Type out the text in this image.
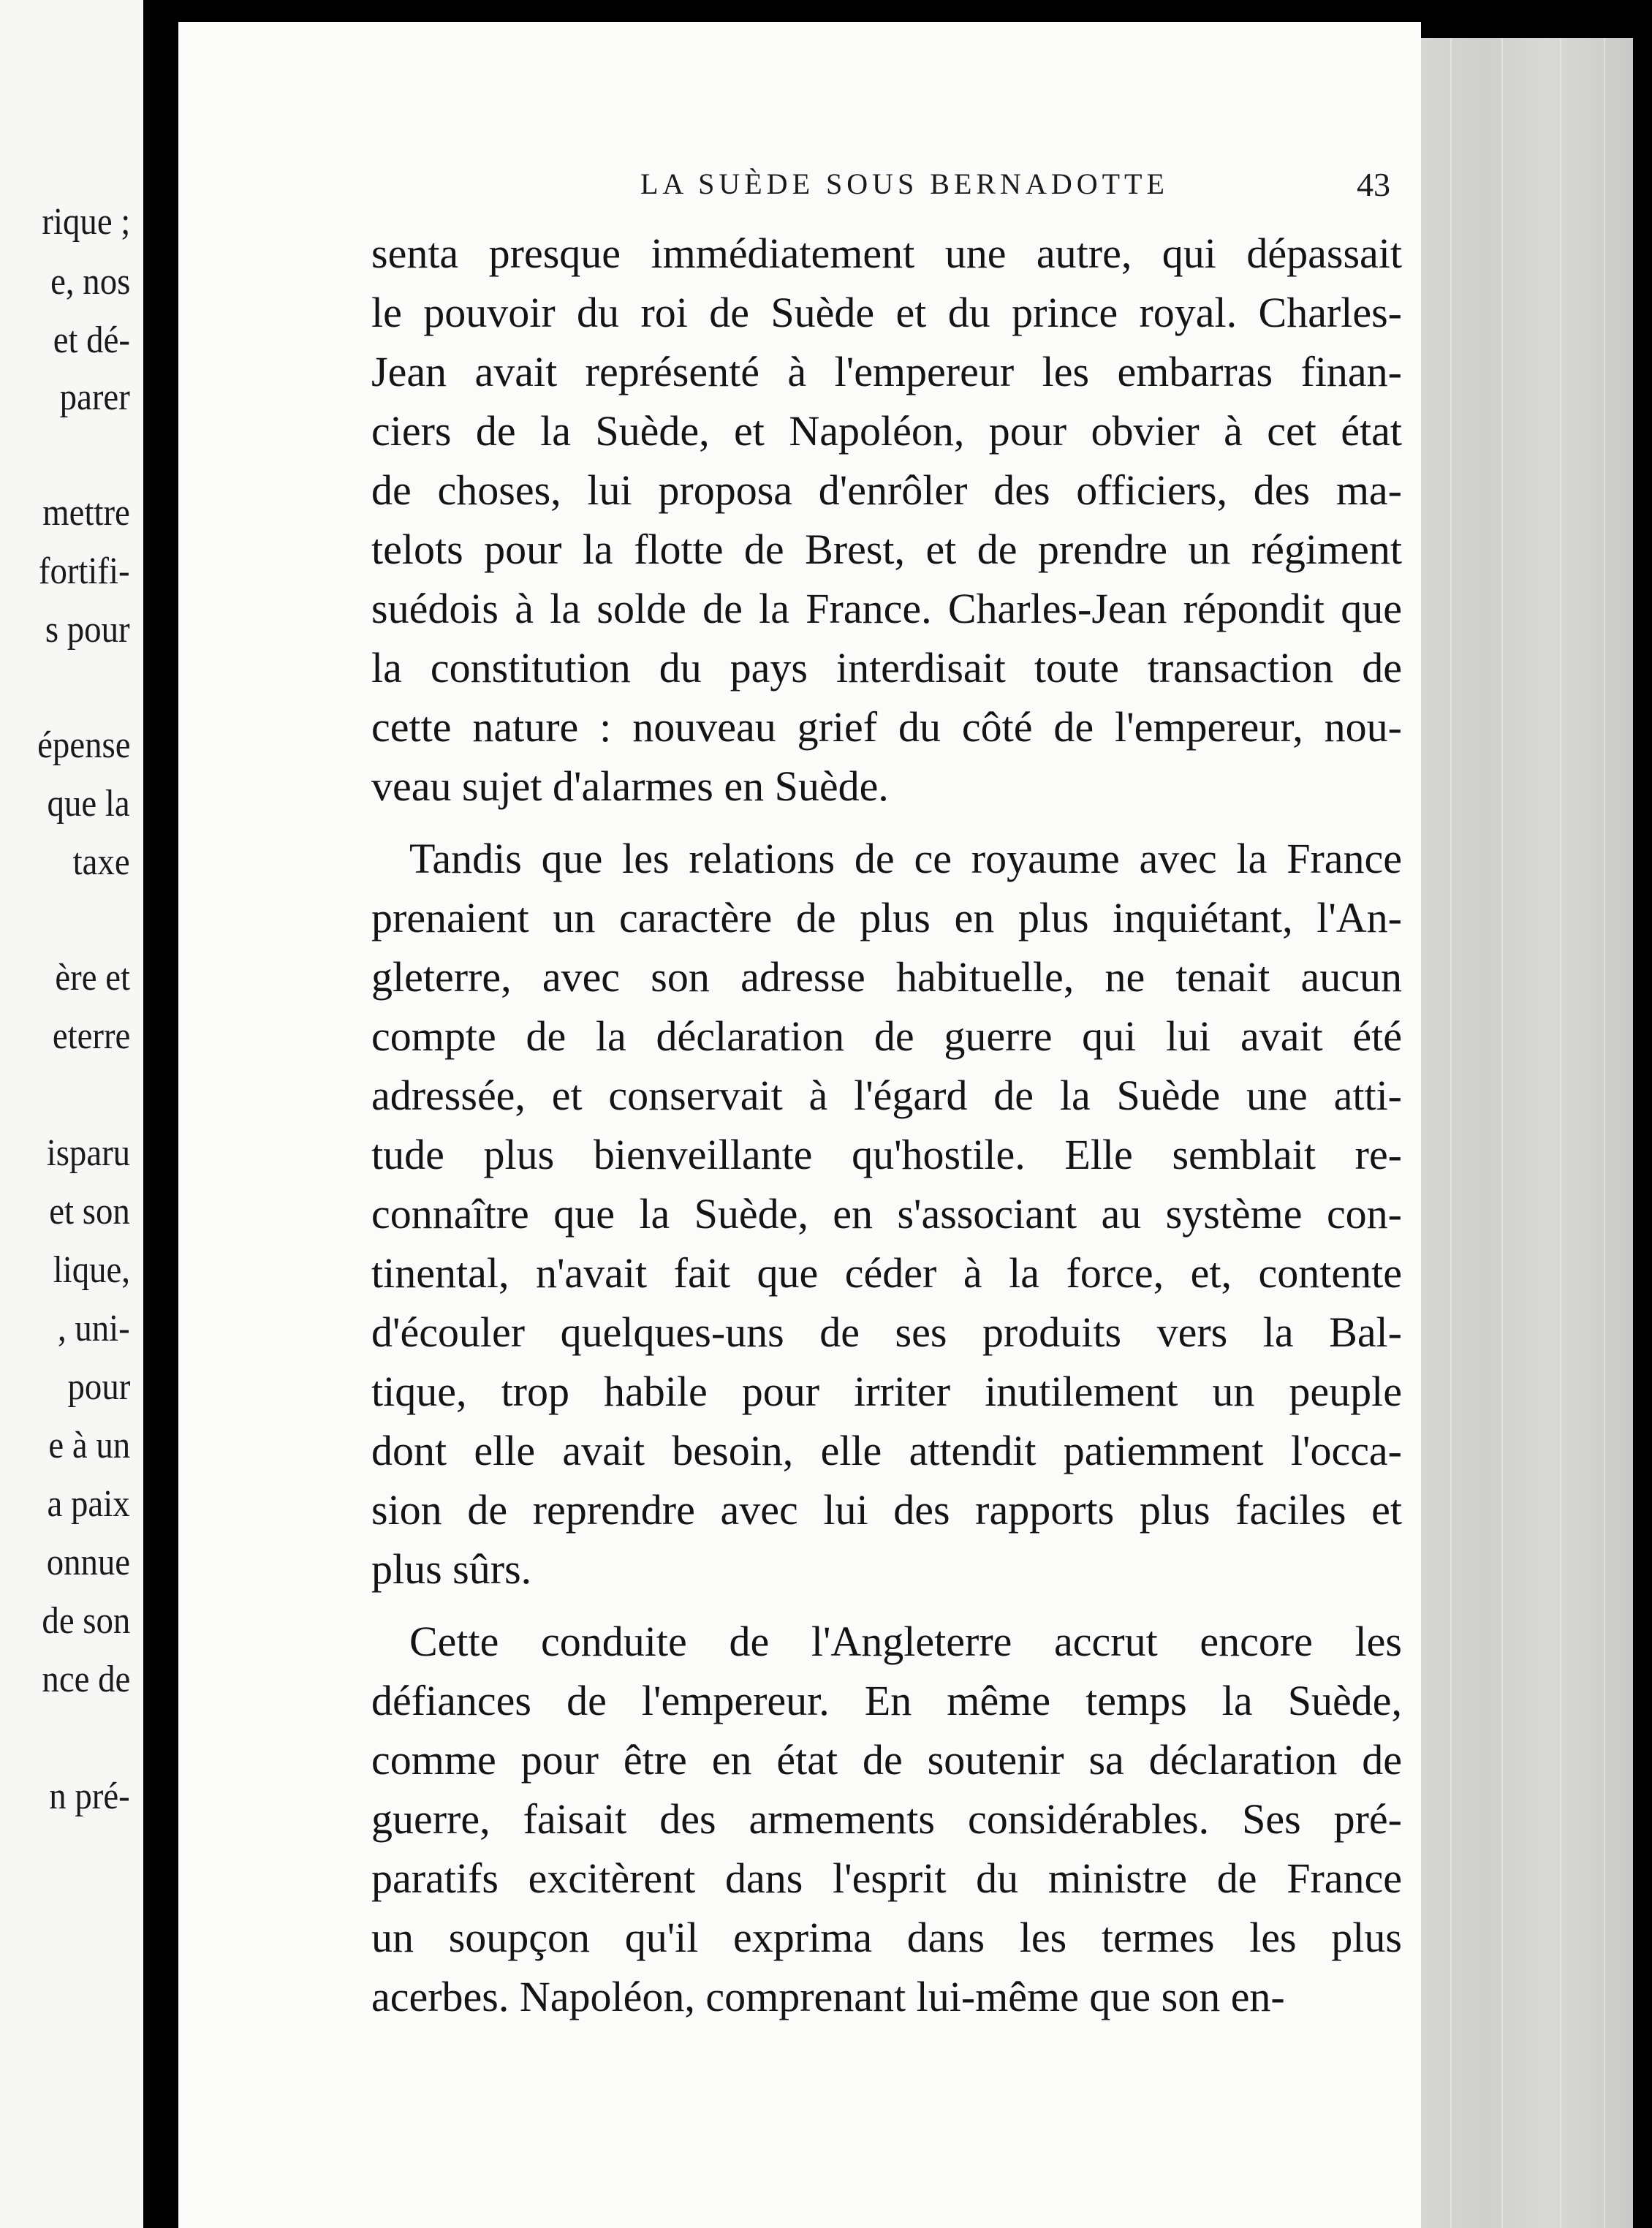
rique ;
e, nos
et dé-
parer
mettre
fortifi-
s pour
épense
que la
taxe
ère et
eterre
isparu
et son
lique,
, uni-
pour
e à un
a paix
onnue
de son
nce de
n pré-
LA SUÈDE SOUS BERNADOTTE	43
senta presque immédiatement une autre, qui dépassait
le pouvoir du roi de Suède et du prince royal. Charles-
Jean avait représenté à l'empereur les embarras finan-
ciers de la Suède, et Napoléon, pour obvier à cet état
de choses, lui proposa d'enrôler des officiers, des ma-
telots pour la flotte de Brest, et de prendre un régiment
suédois à la solde de la France. Charles-Jean répondit que
la constitution du pays interdisait toute transaction de
cette nature : nouveau grief du côté de l'empereur, nou-
veau sujet d'alarmes en Suède.
Tandis que les relations de ce royaume avec la France
prenaient un caractère de plus en plus inquiétant, l'An-
gleterre, avec son adresse habituelle, ne tenait aucun
compte de la déclaration de guerre qui lui avait été
adressée, et conservait à l'égard de la Suède une atti-
tude plus bienveillante qu'hostile. Elle semblait re-
connaître que la Suède, en s'associant au système con-
tinental, n'avait fait que céder à la force, et, contente
d'écouler quelques-uns de ses produits vers la Bal-
tique, trop habile pour irriter inutilement un peuple
dont elle avait besoin, elle attendit patiemment l'occa-
sion de reprendre avec lui des rapports plus faciles et
plus sûrs.
Cette conduite de l'Angleterre accrut encore les
défiances de l'empereur. En même temps la Suède,
comme pour être en état de soutenir sa déclaration de
guerre, faisait des armements considérables. Ses pré-
paratifs excitèrent dans l'esprit du ministre de France
un soupçon qu'il exprima dans les termes les plus
acerbes. Napoléon, comprenant lui-même que son en-
